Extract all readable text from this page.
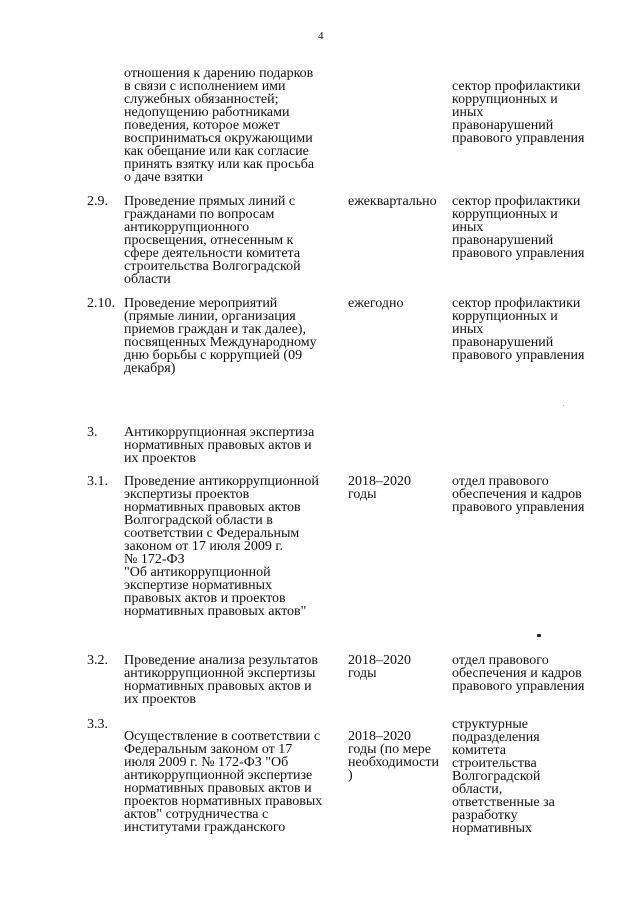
4
отношения к дарению подарков
в связи с исполнением ими
служебных обязанностей;
недопущению работниками
поведения, которое может
восприниматься окружающими
как обещание или как согласие
принять взятку или как просьба
о даче взятки
сектор профилактики
коррупционных и
иных
правонарушений
правового управления
2.9. Проведение прямых линий с
гражданами по вопросам
антикоррупционного
просвещения, отнесенным к
сфере деятельности комитета
строительства Волгоградской
области
ежеквартально	сектор профилактики
коррупционных и
иных
правонарушений
правового управления
2.10. Проведение мероприятий
(прямые линии, организация
приемов граждан и так далее),
посвященных Международному
дню борьбы с коррупцией (09
декабря)
ежегодно	сектор профилактики
коррупционных и
иных
правонарушений
правового управления
3. Антикоррупционная экспертиза
нормативных правовых актов и
их проектов
3.1. Проведение антикоррупционной
экспертизы проектов
нормативных правовых актов
Волгоградской области в
соответствии с Федеральным
законом от 17 июля 2009 г.
№ 172-ФЗ
"Об антикоррупционной
экспертизе нормативных
правовых актов и проектов
нормативных правовых актов"
2018–2020
годы
отдел правового
обеспечения и кадров
правового управления
3.2. Проведение анализа результатов
антикоррупционной экспертизы
нормативных правовых актов и
их проектов
2018–2020
годы
отдел правового
обеспечения и кадров
правового управления
3.3.
Осуществление в соответствии с
Федеральным законом от 17
июля 2009 г. № 172-ФЗ "Об
антикоррупционной экспертизе
нормативных правовых актов и
проектов нормативных правовых
актов" сотрудничества с
институтами гражданского
2018–2020
годы (по мере
необходимости
)
структурные
подразделения
комитета
строительства
Волгоградской
области,
ответственные за
разработку
нормативных
